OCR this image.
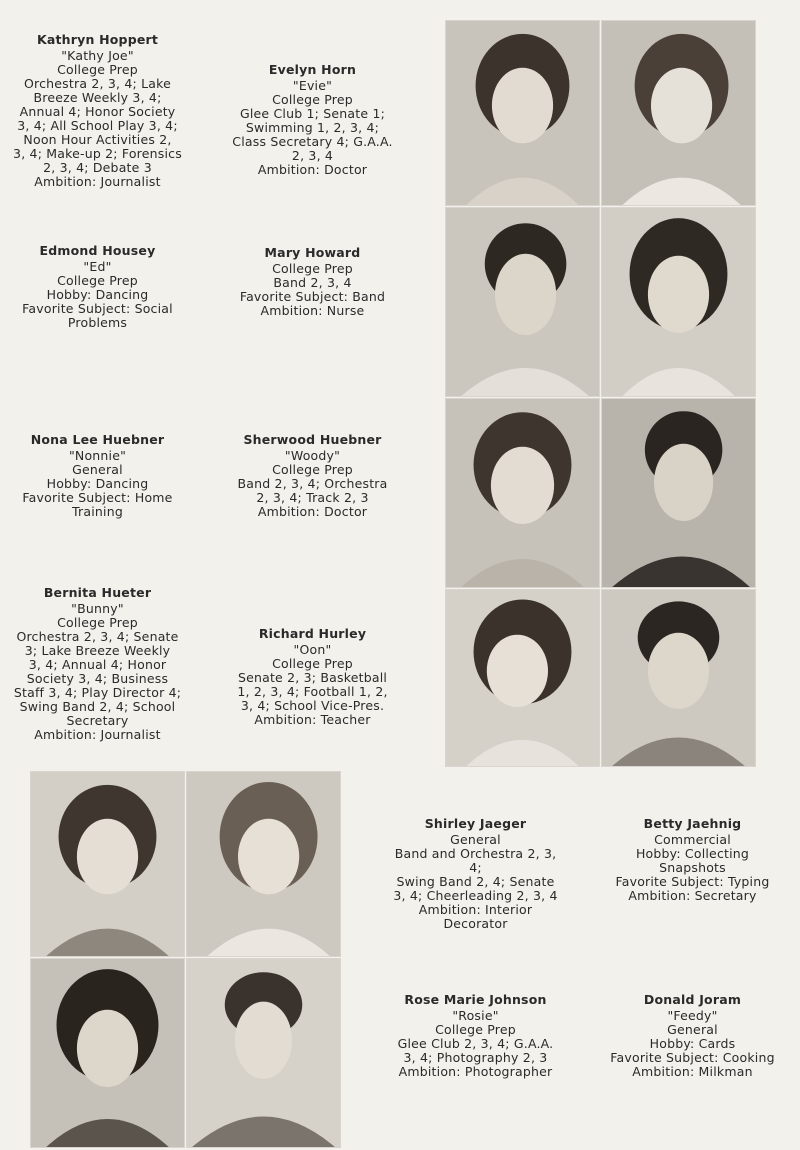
Kathryn Hoppert
"Kathy Joe"
College Prep
Orchestra 2, 3, 4; Lake
Breeze Weekly 3, 4;
Annual 4; Honor Society
3, 4; All School Play 3, 4;
Noon Hour Activities 2,
3, 4; Make-up 2; Forensics
2, 3, 4; Debate 3
Ambition: Journalist
Evelyn Horn
"Evie"
College Prep
Glee Club 1; Senate 1;
Swimming 1, 2, 3, 4;
Class Secretary 4; G.A.A.
2, 3, 4
Ambition: Doctor
Edmond Housey
"Ed"
College Prep
Hobby: Dancing
Favorite Subject: Social
Problems
Mary Howard
College Prep
Band 2, 3, 4
Favorite Subject: Band
Ambition: Nurse
Nona Lee Huebner
"Nonnie"
General
Hobby: Dancing
Favorite Subject: Home
Training
Sherwood Huebner
"Woody"
College Prep
Band 2, 3, 4; Orchestra
2, 3, 4; Track 2, 3
Ambition: Doctor
Bernita Hueter
"Bunny"
College Prep
Orchestra 2, 3, 4; Senate
3; Lake Breeze Weekly
3, 4; Annual 4; Honor
Society 3, 4; Business
Staff 3, 4; Play Director 4;
Swing Band 2, 4; School
Secretary
Ambition: Journalist
Richard Hurley
"Oon"
College Prep
Senate 2, 3; Basketball
1, 2, 3, 4; Football 1, 2,
3, 4; School Vice-Pres.
Ambition: Teacher
Shirley Jaeger
General
Band and Orchestra 2, 3, 4;
Swing Band 2, 4; Senate
3, 4; Cheerleading 2, 3, 4
Ambition: Interior
Decorator
Betty Jaehnig
Commercial
Hobby: Collecting
Snapshots
Favorite Subject: Typing
Ambition: Secretary
Rose Marie Johnson
"Rosie"
College Prep
Glee Club 2, 3, 4; G.A.A.
3, 4; Photography 2, 3
Ambition: Photographer
Donald Joram
"Feedy"
General
Hobby: Cards
Favorite Subject: Cooking
Ambition: Milkman
